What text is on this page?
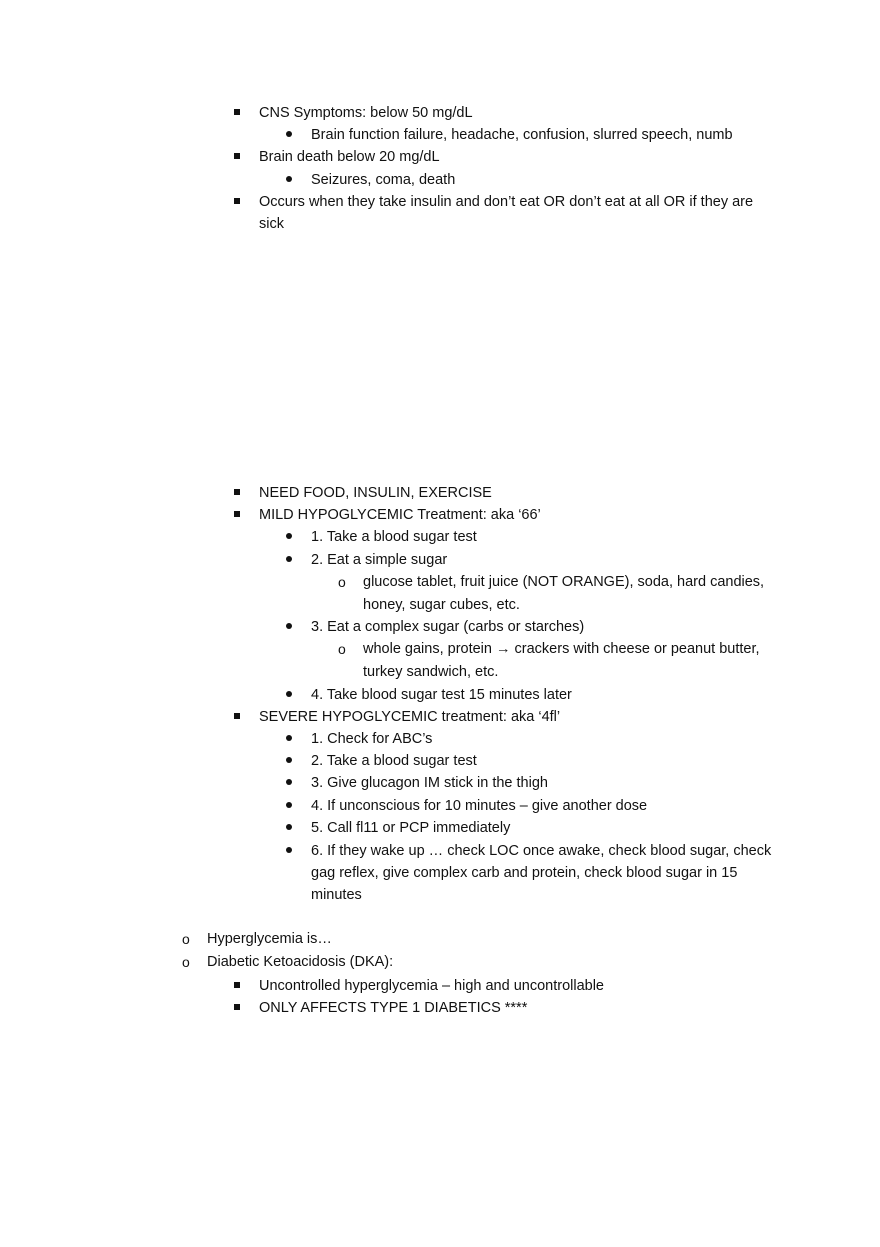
CNS Symptoms: below 50 mg/dL
Brain function failure, headache, confusion, slurred speech, numb
Brain death below 20 mg/dL
Seizures, coma, death
Occurs when they take insulin and don’t eat OR don’t eat at all OR if they are
sick
NEED FOOD, INSULIN, EXERCISE
MILD HYPOGLYCEMIC Treatment: aka ‘66’
1. Take a blood sugar test
2. Eat a simple sugar
o glucose tablet, fruit juice (NOT ORANGE), soda, hard candies,
honey, sugar cubes, etc.
3. Eat a complex sugar (carbs or starches)
o whole gains, protein → crackers with cheese or peanut butter,
turkey sandwich, etc.
4. Take blood sugar test 15 minutes later
SEVERE HYPOGLYCEMIC treatment: aka ‘4fl’
1. Check for ABC’s
2. Take a blood sugar test
3. Give glucagon IM stick in the thigh
4. If unconscious for 10 minutes – give another dose
5. Call fl11 or PCP immediately
6. If they wake up … check LOC once awake, check blood sugar, check
gag reflex, give complex carb and protein, check blood sugar in 15
minutes
o Hyperglycemia is…
o Diabetic Ketoacidosis (DKA):
Uncontrolled hyperglycemia – high and uncontrollable
ONLY AFFECTS TYPE 1 DIABETICS ****
